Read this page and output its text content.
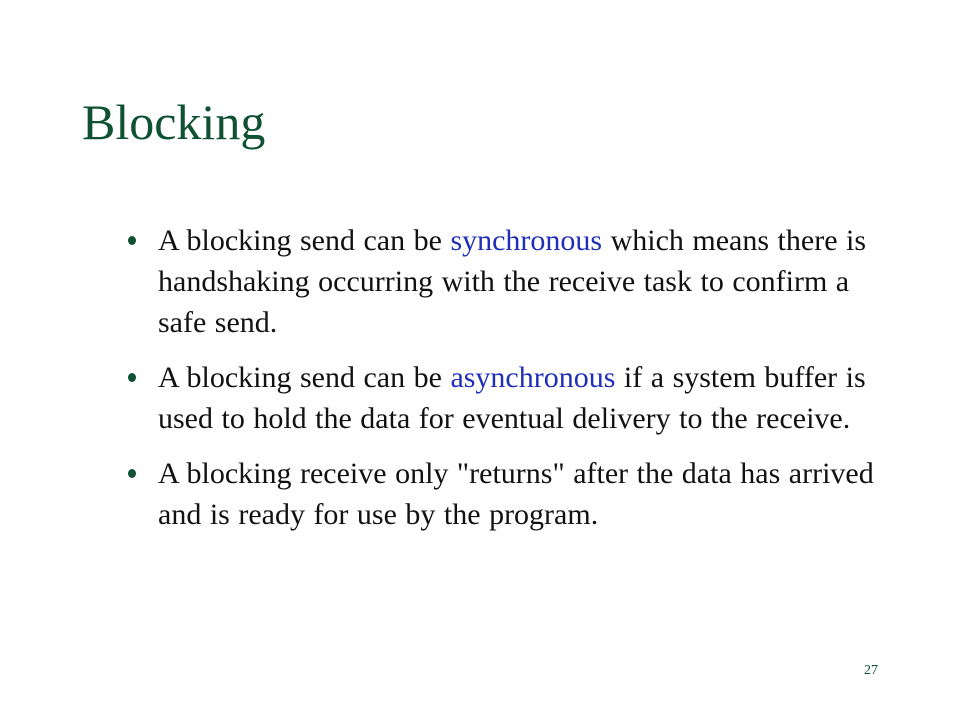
Blocking
A blocking send can be synchronous which means there is handshaking occurring with the receive task to confirm a safe send.
A blocking send can be asynchronous if a system buffer is used to hold the data for eventual delivery to the receive.
A blocking receive only "returns" after the data has arrived and is ready for use by the program.
27
